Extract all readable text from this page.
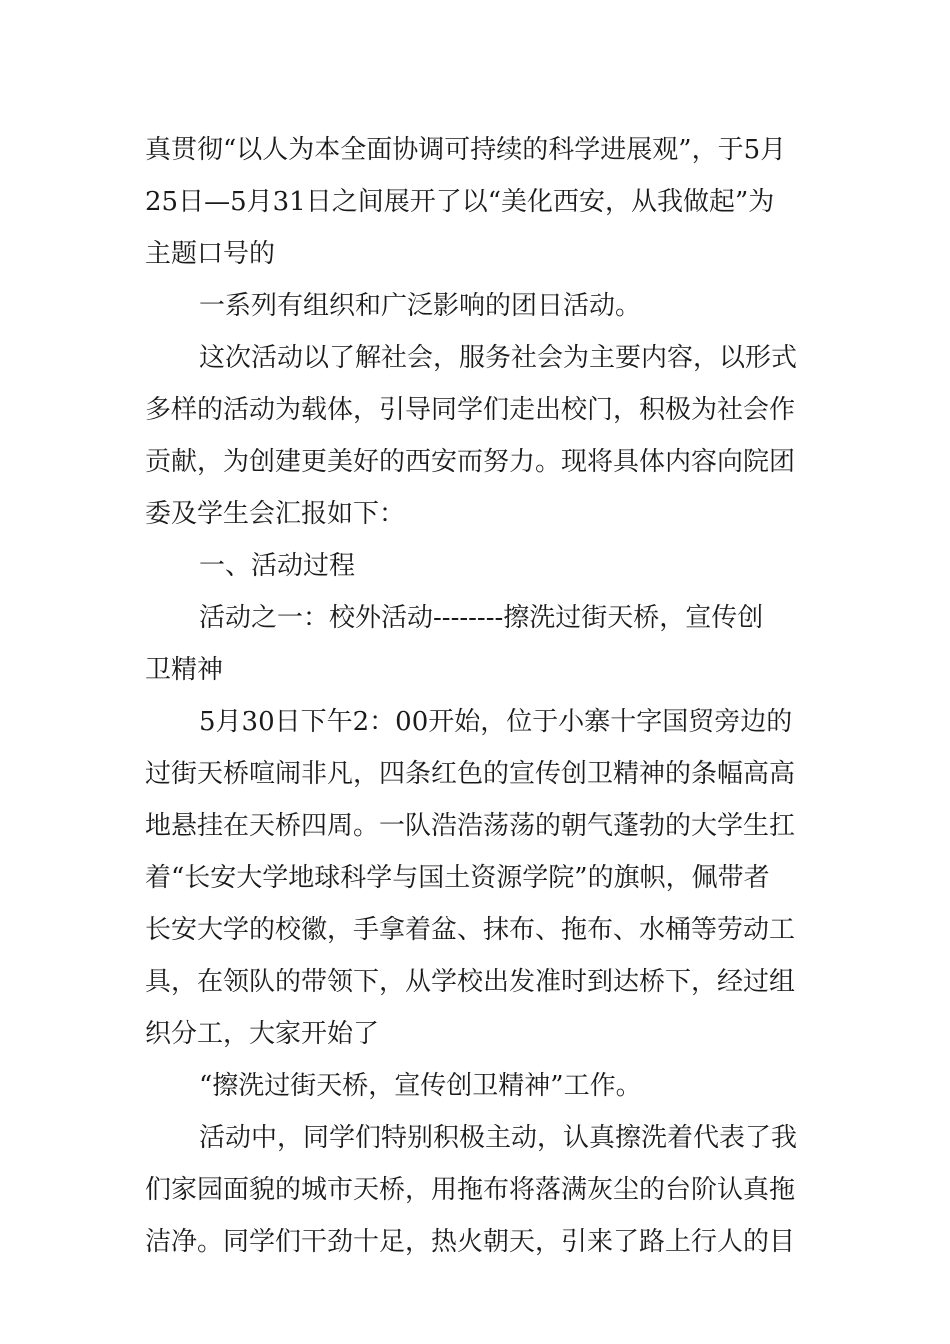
真贯彻“以人为本全面协调可持续的科学进展观”，于5月
25日—5月31日之间展开了以“美化西安，从我做起”为
主题口号的
一系列有组织和广泛影响的团日活动。
这次活动以了解社会，服务社会为主要内容，以形式
多样的活动为载体，引导同学们走出校门，积极为社会作
贡献，为创建更美好的西安而努力。现将具体内容向院团
委及学生会汇报如下：
一、活动过程
活动之一：校外活动--------擦洗过街天桥，宣传创
卫精神
5月30日下午2：00开始，位于小寨十字国贸旁边的
过街天桥喧闹非凡，四条红色的宣传创卫精神的条幅高高
地悬挂在天桥四周。一队浩浩荡荡的朝气蓬勃的大学生扛
着“长安大学地球科学与国土资源学院”的旗帜，佩带者
长安大学的校徽，手拿着盆、抹布、拖布、水桶等劳动工
具，在领队的带领下，从学校出发准时到达桥下，经过组
织分工，大家开始了
“擦洗过街天桥，宣传创卫精神”工作。
活动中，同学们特别积极主动，认真擦洗着代表了我
们家园面貌的城市天桥，用拖布将落满灰尘的台阶认真拖
洁净。同学们干劲十足，热火朝天，引来了路上行人的目
